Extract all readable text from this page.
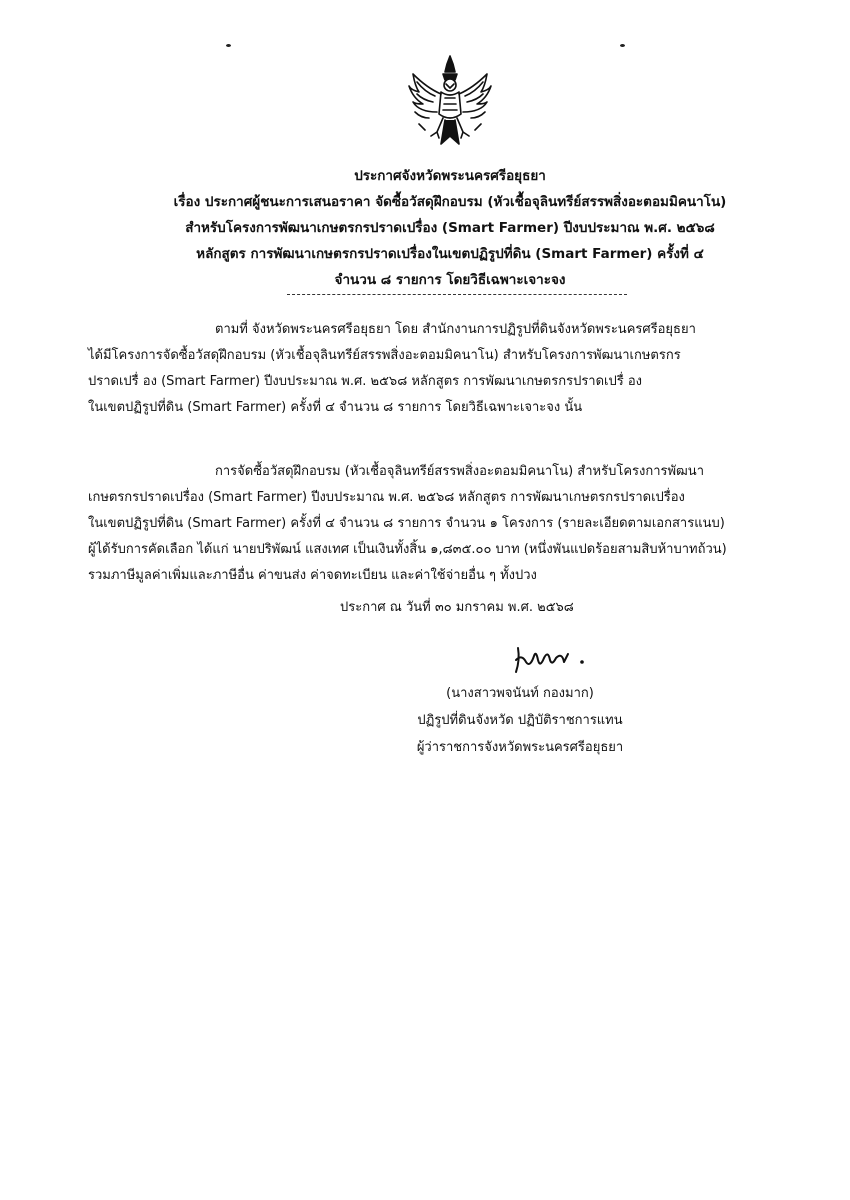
ประกาศจังหวัดพระนครศรีอยุธยา
เรื่อง ประกาศผู้ชนะการเสนอราคา จัดซื้อวัสดุฝึกอบรม (หัวเชื้อจุลินทรีย์สรรพสิ่งอะตอมมิคนาโน)
สำหรับโครงการพัฒนาเกษตรกรปราดเปรื่อง (Smart Farmer) ปีงบประมาณ พ.ศ. ๒๕๖๘
หลักสูตร การพัฒนาเกษตรกรปราดเปรื่องในเขตปฏิรูปที่ดิน (Smart Farmer) ครั้งที่ ๔
จำนวน ๘ รายการ โดยวิธีเฉพาะเจาะจง
ตามที่ จังหวัดพระนครศรีอยุธยา โดย สำนักงานการปฏิรูปที่ดินจังหวัดพระนครศรีอยุธยา
ได้มีโครงการจัดซื้อวัสดุฝึกอบรม (หัวเชื้อจุลินทรีย์สรรพสิ่งอะตอมมิคนาโน) สำหรับโครงการพัฒนาเกษตรกร
ปราดเปรื่ อง (Smart Farmer) ปีงบประมาณ พ.ศ. ๒๕๖๘ หลักสูตร การพัฒนาเกษตรกรปราดเปรื่ อง
ในเขตปฏิรูปที่ดิน (Smart Farmer) ครั้งที่ ๔ จำนวน ๘ รายการ โดยวิธีเฉพาะเจาะจง นั้น
การจัดซื้อวัสดุฝึกอบรม (หัวเชื้อจุลินทรีย์สรรพสิ่งอะตอมมิคนาโน) สำหรับโครงการพัฒนา
เกษตรกรปราดเปรื่อง (Smart Farmer) ปีงบประมาณ พ.ศ. ๒๕๖๘ หลักสูตร การพัฒนาเกษตรกรปราดเปรื่อง
ในเขตปฏิรูปที่ดิน (Smart Farmer) ครั้งที่ ๔ จำนวน ๘ รายการ จำนวน ๑ โครงการ (รายละเอียดตามเอกสารแนบ)
ผู้ได้รับการคัดเลือก ได้แก่ นายปริพัฒน์ แสงเทศ เป็นเงินทั้งสิ้น ๑,๘๓๕.๐๐ บาท (หนึ่งพันแปดร้อยสามสิบห้าบาทถ้วน)
รวมภาษีมูลค่าเพิ่มและภาษีอื่น ค่าขนส่ง ค่าจดทะเบียน และค่าใช้จ่ายอื่น ๆ ทั้งปวง
ประกาศ ณ วันที่ ๓๐ มกราคม พ.ศ. ๒๕๖๘
(นางสาวพจนันท์ กองมาก)
ปฏิรูปที่ดินจังหวัด ปฏิบัติราชการแทน
ผู้ว่าราชการจังหวัดพระนครศรีอยุธยา
